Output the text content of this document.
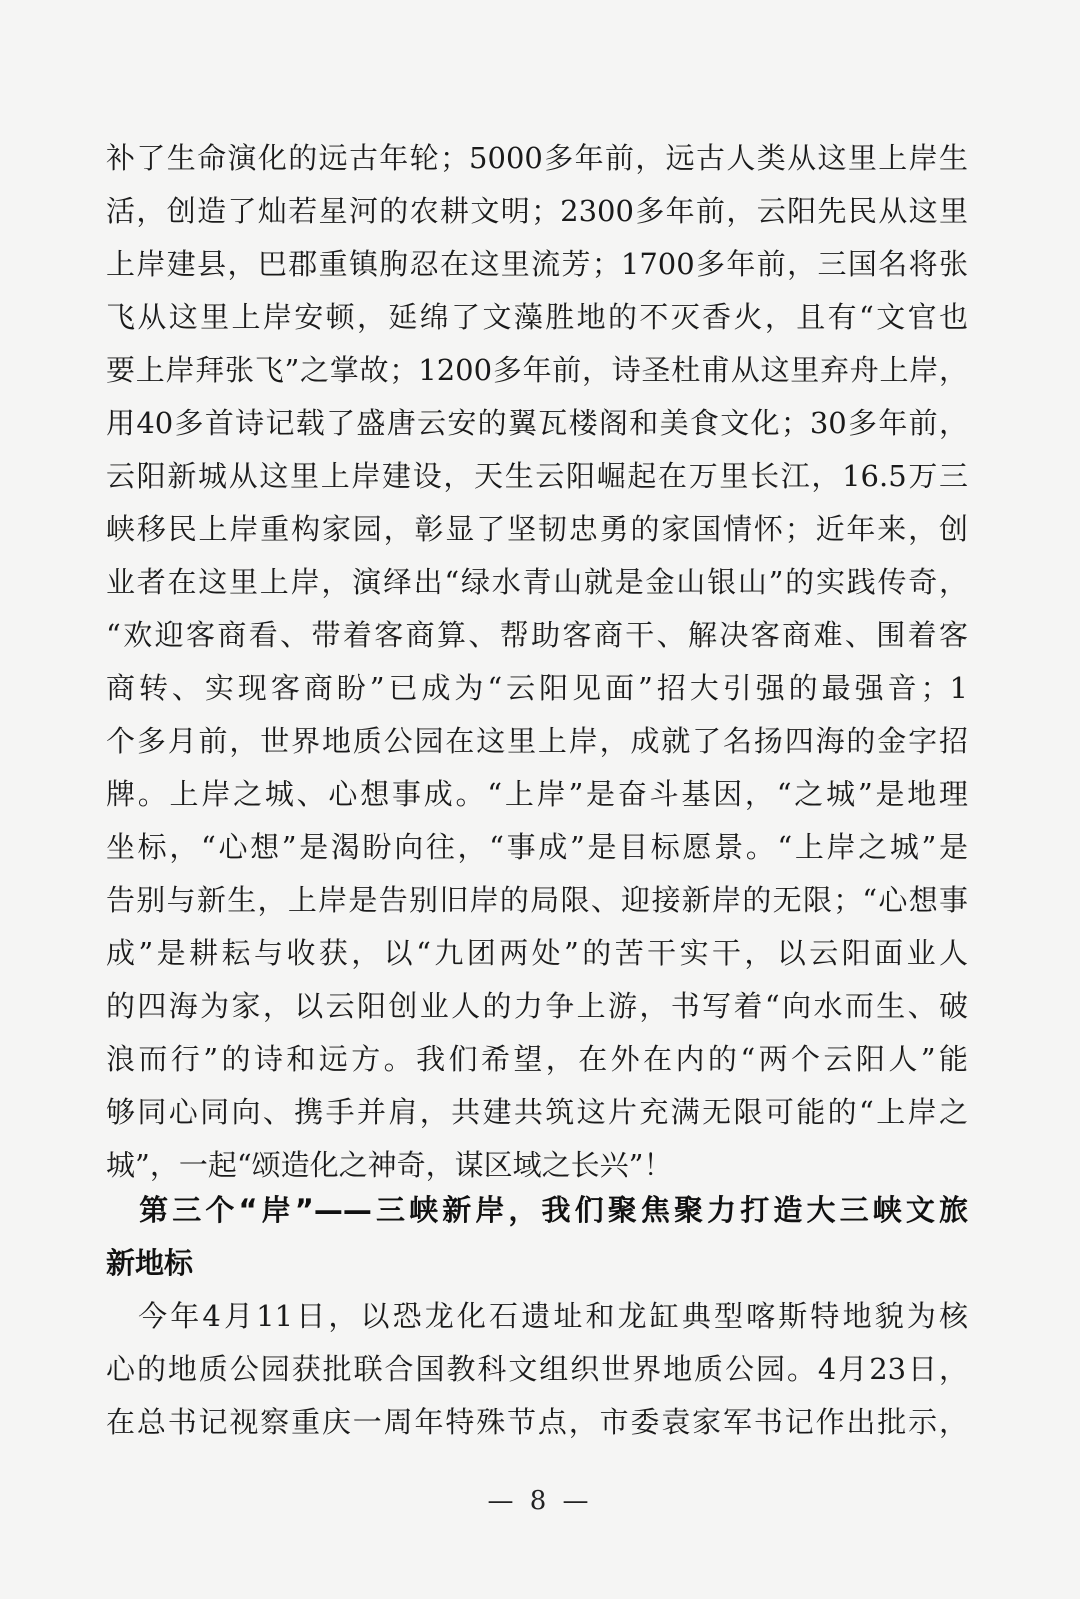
补了生命演化的远古年轮；5000多年前，远古人类从这里上岸生
活，创造了灿若星河的农耕文明；2300多年前，云阳先民从这里
上岸建县，巴郡重镇朐忍在这里流芳；1700多年前，三国名将张
飞从这里上岸安顿，延绵了文藻胜地的不灭香火，且有“文官也
要上岸拜张飞”之掌故；1200多年前，诗圣杜甫从这里弃舟上岸，
用40多首诗记载了盛唐云安的翼瓦楼阁和美食文化；30多年前，
云阳新城从这里上岸建设，天生云阳崛起在万里长江，16.5万三
峡移民上岸重构家园，彰显了坚韧忠勇的家国情怀；近年来，创
业者在这里上岸，演绎出“绿水青山就是金山银山”的实践传奇，
“欢迎客商看、带着客商算、帮助客商干、解决客商难、围着客
商转、实现客商盼”已成为“云阳见面”招大引强的最强音；1
个多月前，世界地质公园在这里上岸，成就了名扬四海的金字招
牌。上岸之城、心想事成。“上岸”是奋斗基因，“之城”是地理
坐标，“心想”是渴盼向往，“事成”是目标愿景。“上岸之城”是
告别与新生，上岸是告别旧岸的局限、迎接新岸的无限；“心想事
成”是耕耘与收获，以“九团两处”的苦干实干，以云阳面业人
的四海为家，以云阳创业人的力争上游，书写着“向水而生、破
浪而行”的诗和远方。我们希望，在外在内的“两个云阳人”能
够同心同向、携手并肩，共建共筑这片充满无限可能的“上岸之
城”，一起“颂造化之神奇，谋区域之长兴”！
　第三个“岸”——三峡新岸，我们聚焦聚力打造大三峡文旅
新地标
　今年4月11日，以恐龙化石遗址和龙缸典型喀斯特地貌为核
心的地质公园获批联合国教科文组织世界地质公园。4月23日，
在总书记视察重庆一周年特殊节点，市委袁家军书记作出批示，
— 8 —
